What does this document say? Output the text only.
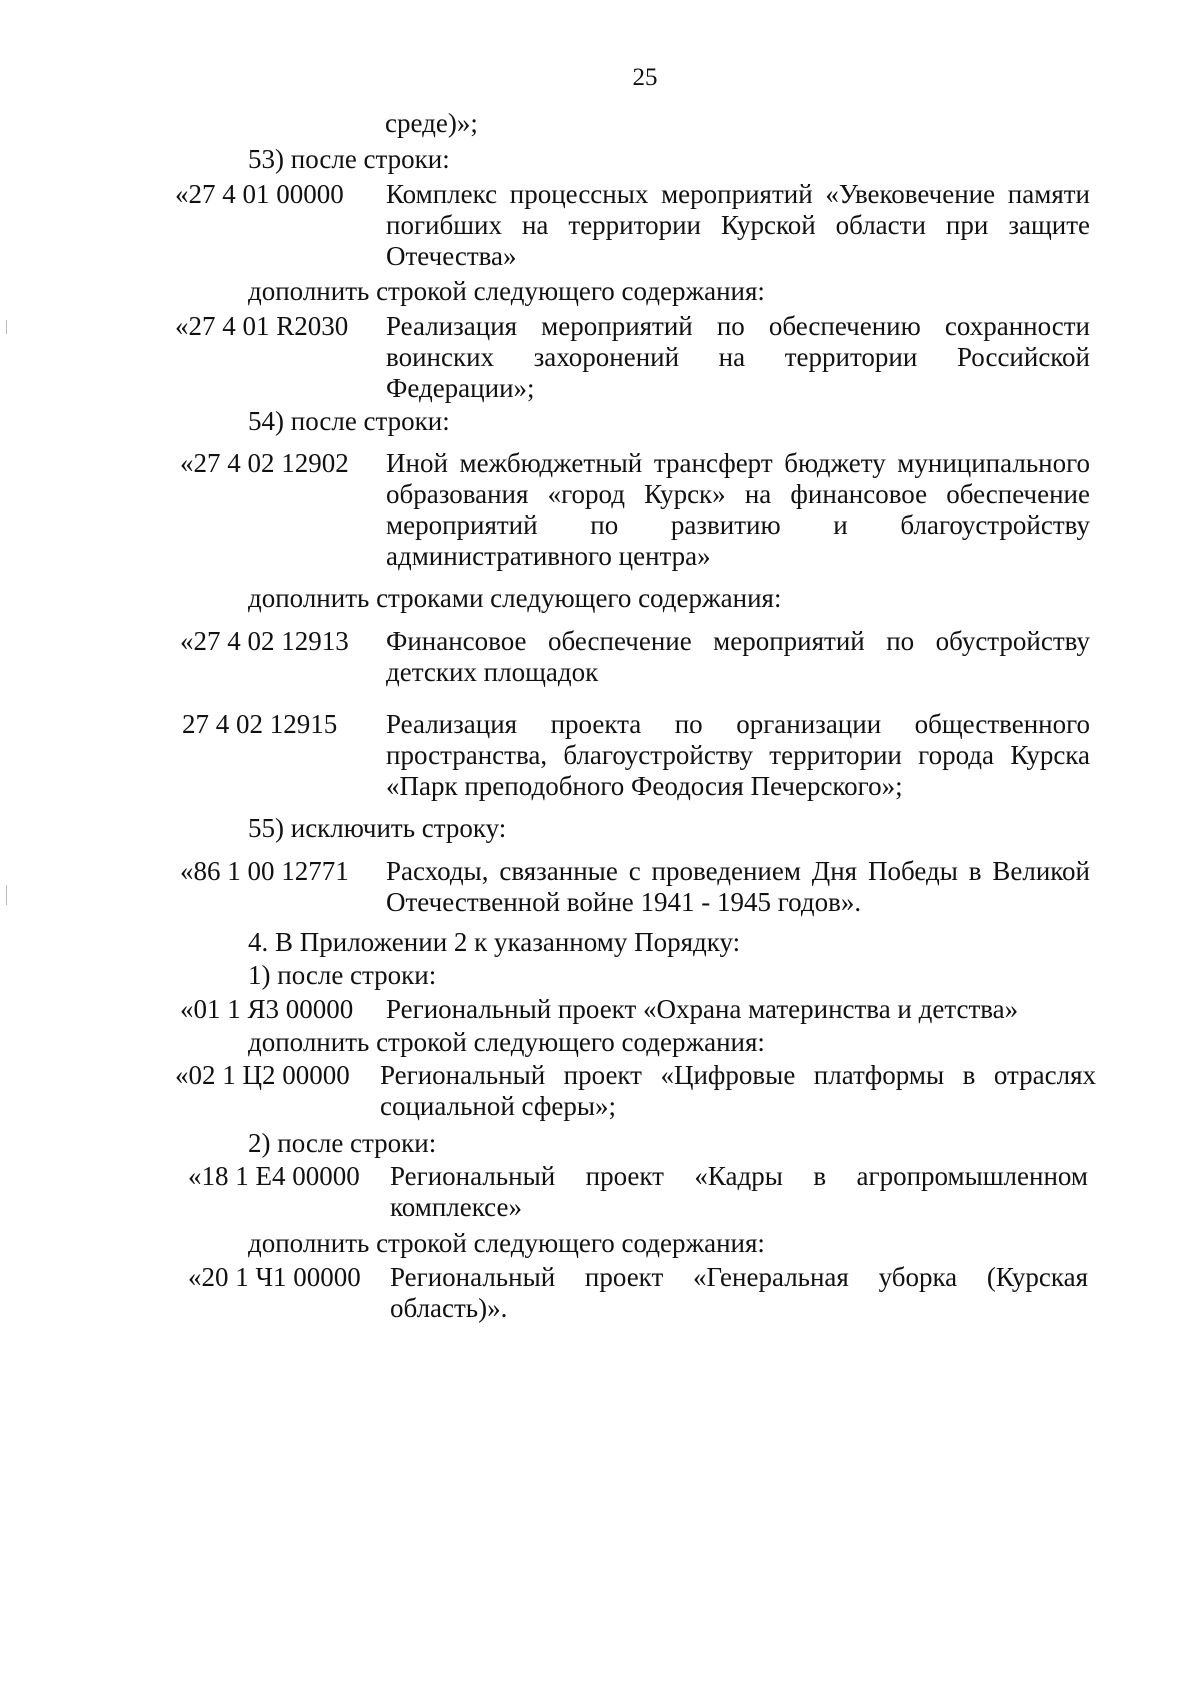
25
среде)»;
53) после строки:
«27 4 01 00000 Комплекс процессных мероприятий «Увековечение памяти погибших на территории Курской области при защите Отечества»
дополнить строкой следующего содержания:
«27 4 01 R2030 Реализация мероприятий по обеспечению сохранности воинских захоронений на территории Российской Федерации»;
54) после строки:
«27 4 02 12902 Иной межбюджетный трансферт бюджету муниципального образования «город Курск» на финансовое обеспечение мероприятий по развитию и благоустройству административного центра»
дополнить строками следующего содержания:
«27 4 02 12913 Финансовое обеспечение мероприятий по обустройству детских площадок
27 4 02 12915 Реализация проекта по организации общественного пространства, благоустройству территории города Курска «Парк преподобного Феодосия Печерского»;
55) исключить строку:
«86 1 00 12771 Расходы, связанные с проведением Дня Победы в Великой Отечественной войне 1941 - 1945 годов».
4. В Приложении 2 к указанному Порядку:
1) после строки:
«01 1 Я3 00000 Региональный проект «Охрана материнства и детства»
дополнить строкой следующего содержания:
«02 1 Ц2 00000 Региональный проект «Цифровые платформы в отраслях социальной сферы»;
2) после строки:
«18 1 Е4 00000 Региональный проект «Кадры в агропромышленном комплексе»
дополнить строкой следующего содержания:
«20 1 Ч1 00000 Региональный проект «Генеральная уборка (Курская область)».
